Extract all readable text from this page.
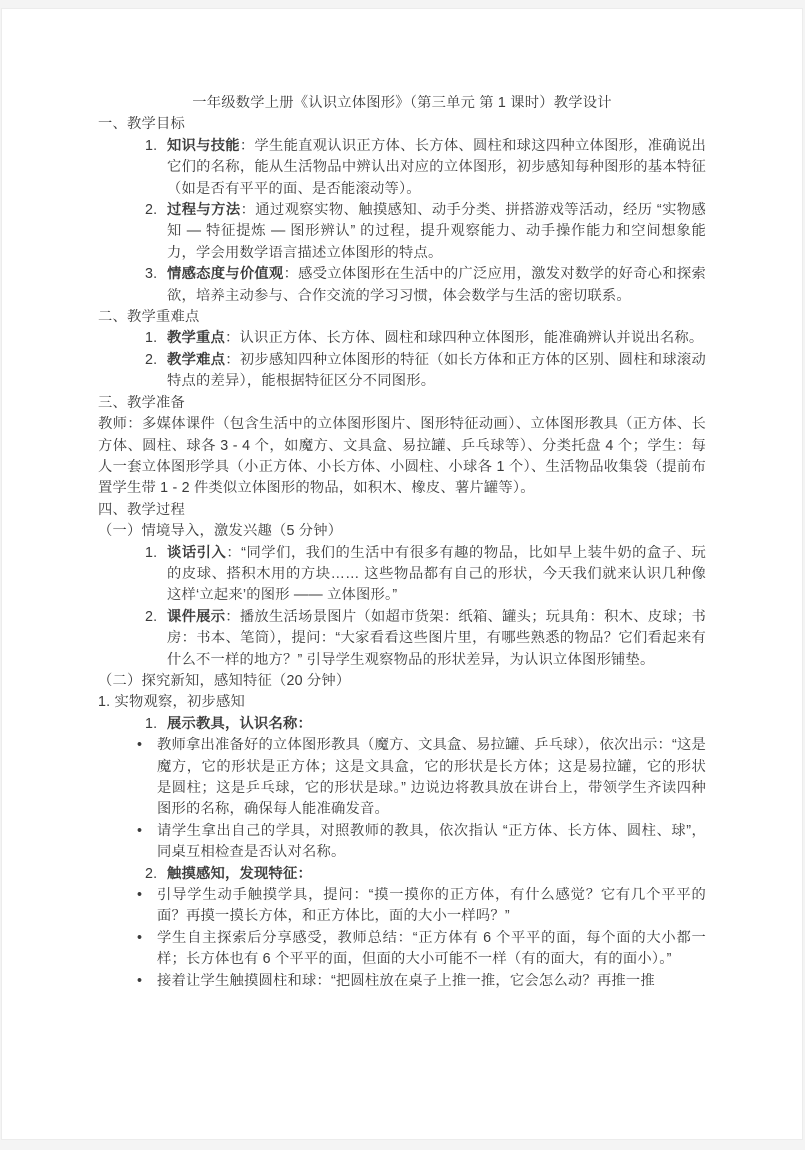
一年级数学上册《认识立体图形》（第三单元 第 1 课时）教学设计
一、教学目标
1. 知识与技能：学生能直观认识正方体、长方体、圆柱和球这四种立体图形，准确说出它们的名称，能从生活物品中辨认出对应的立体图形，初步感知每种图形的基本特征（如是否有平平的面、是否能滚动等）。
2. 过程与方法：通过观察实物、触摸感知、动手分类、拼搭游戏等活动，经历 “实物感知 — 特征提炼 — 图形辨认” 的过程，提升观察能力、动手操作能力和空间想象能力，学会用数学语言描述立体图形的特点。
3. 情感态度与价值观：感受立体图形在生活中的广泛应用，激发对数学的好奇心和探索欲，培养主动参与、合作交流的学习习惯，体会数学与生活的密切联系。
二、教学重难点
1. 教学重点：认识正方体、长方体、圆柱和球四种立体图形，能准确辨认并说出名称。
2. 教学难点：初步感知四种立体图形的特征（如长方体和正方体的区别、圆柱和球滚动特点的差异），能根据特征区分不同图形。
三、教学准备
教师：多媒体课件（包含生活中的立体图形图片、图形特征动画）、立体图形教具（正方体、长方体、圆柱、球各 3 - 4 个，如魔方、文具盒、易拉罐、乒乓球等）、分类托盘 4 个；学生：每人一套立体图形学具（小正方体、小长方体、小圆柱、小球各 1 个）、生活物品收集袋（提前布置学生带 1 - 2 件类似立体图形的物品，如积木、橡皮、薯片罐等）。
四、教学过程
（一）情境导入，激发兴趣（5 分钟）
1. 谈话引入：“同学们，我们的生活中有很多有趣的物品，比如早上装牛奶的盒子、玩的皮球、搭积木用的方块…… 这些物品都有自己的形状，今天我们就来认识几种像这样‘立起来’的图形 —— 立体图形。”
2. 课件展示：播放生活场景图片（如超市货架：纸箱、罐头；玩具角：积木、皮球；书房：书本、笔筒），提问：“大家看看这些图片里，有哪些熟悉的物品？它们看起来有什么不一样的地方？” 引导学生观察物品的形状差异，为认识立体图形铺垫。
（二）探究新知，感知特征（20 分钟）
1. 实物观察，初步感知
1. 展示教具，认识名称：
•	教师拿出准备好的立体图形教具（魔方、文具盒、易拉罐、乒乓球），依次出示：“这是魔方，它的形状是正方体；这是文具盒，它的形状是长方体；这是易拉罐，它的形状是圆柱；这是乒乓球，它的形状是球。” 边说边将教具放在讲台上，带领学生齐读四种图形的名称，确保每人能准确发音。
•	请学生拿出自己的学具，对照教师的教具，依次指认 “正方体、长方体、圆柱、球”，同桌互相检查是否认对名称。
2. 触摸感知，发现特征：
•	引导学生动手触摸学具，提问：“摸一摸你的正方体，有什么感觉？它有几个平平的面？再摸一摸长方体，和正方体比，面的大小一样吗？”
•	学生自主探索后分享感受，教师总结：“正方体有 6 个平平的面，每个面的大小都一样；长方体也有 6 个平平的面，但面的大小可能不一样（有的面大，有的面小）。”
•	接着让学生触摸圆柱和球：“把圆柱放在桌子上推一推，它会怎么动？再推一推
